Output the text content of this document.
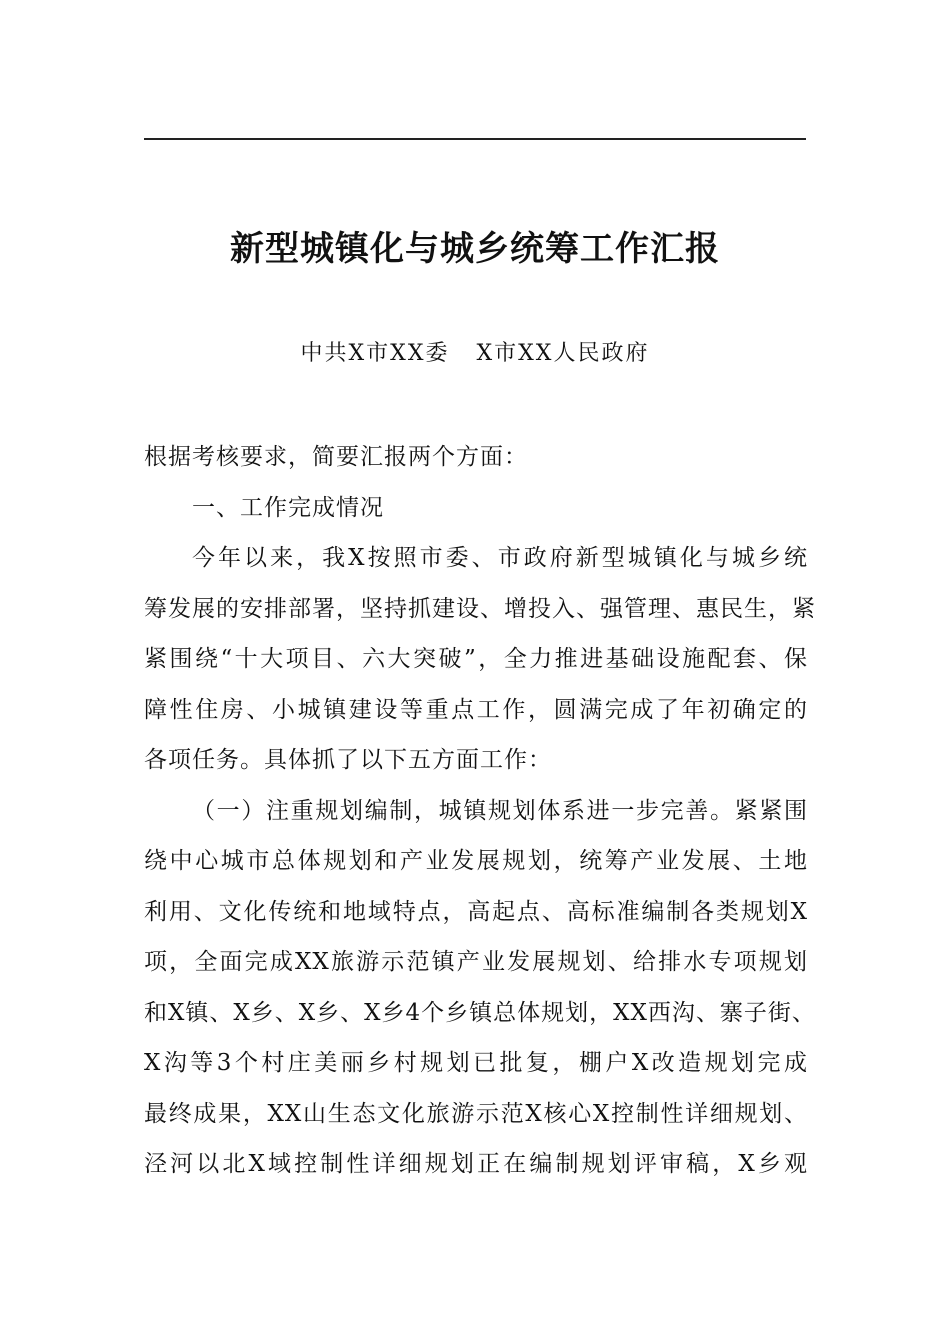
新型城镇化与城乡统筹工作汇报
中共X市XX委   X市XX人民政府
根据考核要求，简要汇报两个方面：
一、工作完成情况
今年以来，我X按照市委、市政府新型城镇化与城乡统
筹发展的安排部署，坚持抓建设、增投入、强管理、惠民生，紧
紧围绕“十大项目、六大突破”，全力推进基础设施配套、保
障性住房、小城镇建设等重点工作，圆满完成了年初确定的
各项任务。具体抓了以下五方面工作：
（一）注重规划编制，城镇规划体系进一步完善。紧紧围
绕中心城市总体规划和产业发展规划，统筹产业发展、土地
利用、文化传统和地域特点，高起点、高标准编制各类规划X
项，全面完成XX旅游示范镇产业发展规划、给排水专项规划
和X镇、X乡、X乡、X乡4个乡镇总体规划，XX西沟、寨子街、
X沟等3个村庄美丽乡村规划已批复，棚户X改造规划完成
最终成果，XX山生态文化旅游示范X核心X控制性详细规划、
泾河以北X域控制性详细规划正在编制规划评审稿，X乡观
